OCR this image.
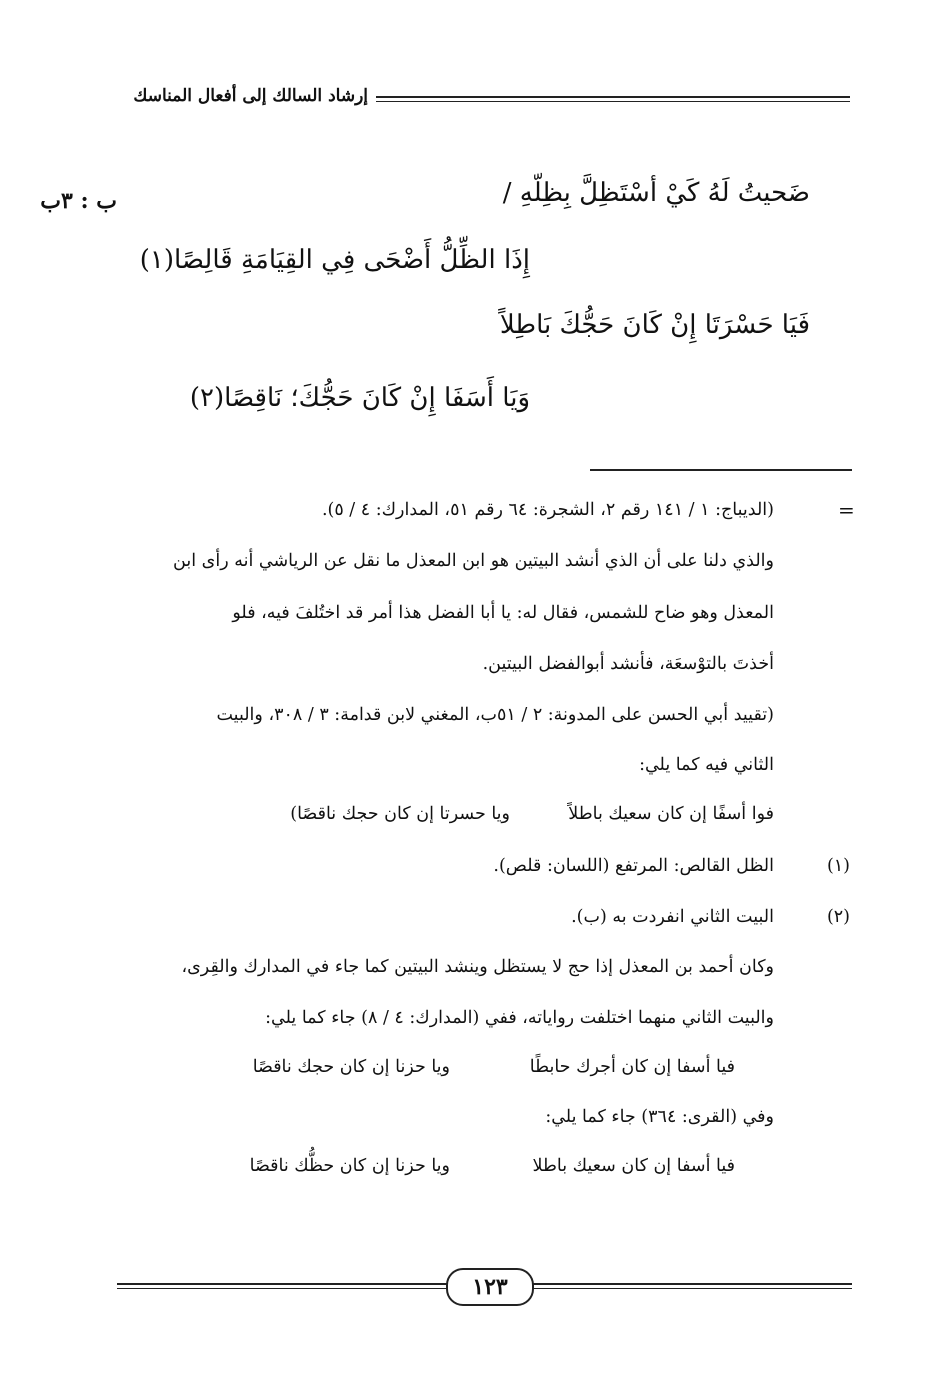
إرشاد السالك إلى أفعال المناسك
ب : ٣ب	ضَحيتُ لَهُ كَيْ أسْتَظِلَّ بِظِلّهِ /
إِذَا الظِّلُّ أَضْحَى فِي القِيَامَةِ قَالِصًا(١)
فَيَا حَسْرَتَا إِنْ كَانَ حَجُّكَ بَاطِلاً
وَيَا أَسَفَا إِنْ كَانَ حَجُّكَ؛ نَاقِصًا(٢)
=
(الديباج: ١ / ١٤١ رقم ٢، الشجرة: ٦٤ رقم ٥١، المدارك: ٤ / ٥).
والذي دلنا على أن الذي أنشد البيتين هو ابن المعذل ما نقل عن الرياشي أنه رأى ابن
المعذل وهو ضاح للشمس، فقال له: يا أبا الفضل هذا أمر قد اختُلفَ فيه، فلو
أخذتَ بالتوْسعَة، فأنشد أبوالفضل البيتين.
(تقييد أبي الحسن على المدونة: ٢ / ٥١ب، المغني لابن قدامة: ٣ / ٣٠٨، والبيت
الثاني فيه كما يلي:
فوا أسفًا إن كان سعيك باطلاً
ويا حسرتا إن كان حجك ناقصًا)
(١)
الظل القالص: المرتفع (اللسان: قلص).
(٢)
البيت الثاني انفردت به (ب).
وكان أحمد بن المعذل إذا حج لا يستظل وينشد البيتين كما جاء في المدارك والقِرى،
والبيت الثاني منهما اختلفت رواياته، ففي (المدارك: ٤ / ٨) جاء كما يلي:
فيا أسفا إن كان أجرك حابطًا
ويا حزنا إن كان حجك ناقصًا
وفي (القرى: ٣٦٤) جاء كما يلي:
فيا أسفا إن كان سعيك باطلا
ويا حزنا إن كان حظُّك ناقصًا
١٢٣
